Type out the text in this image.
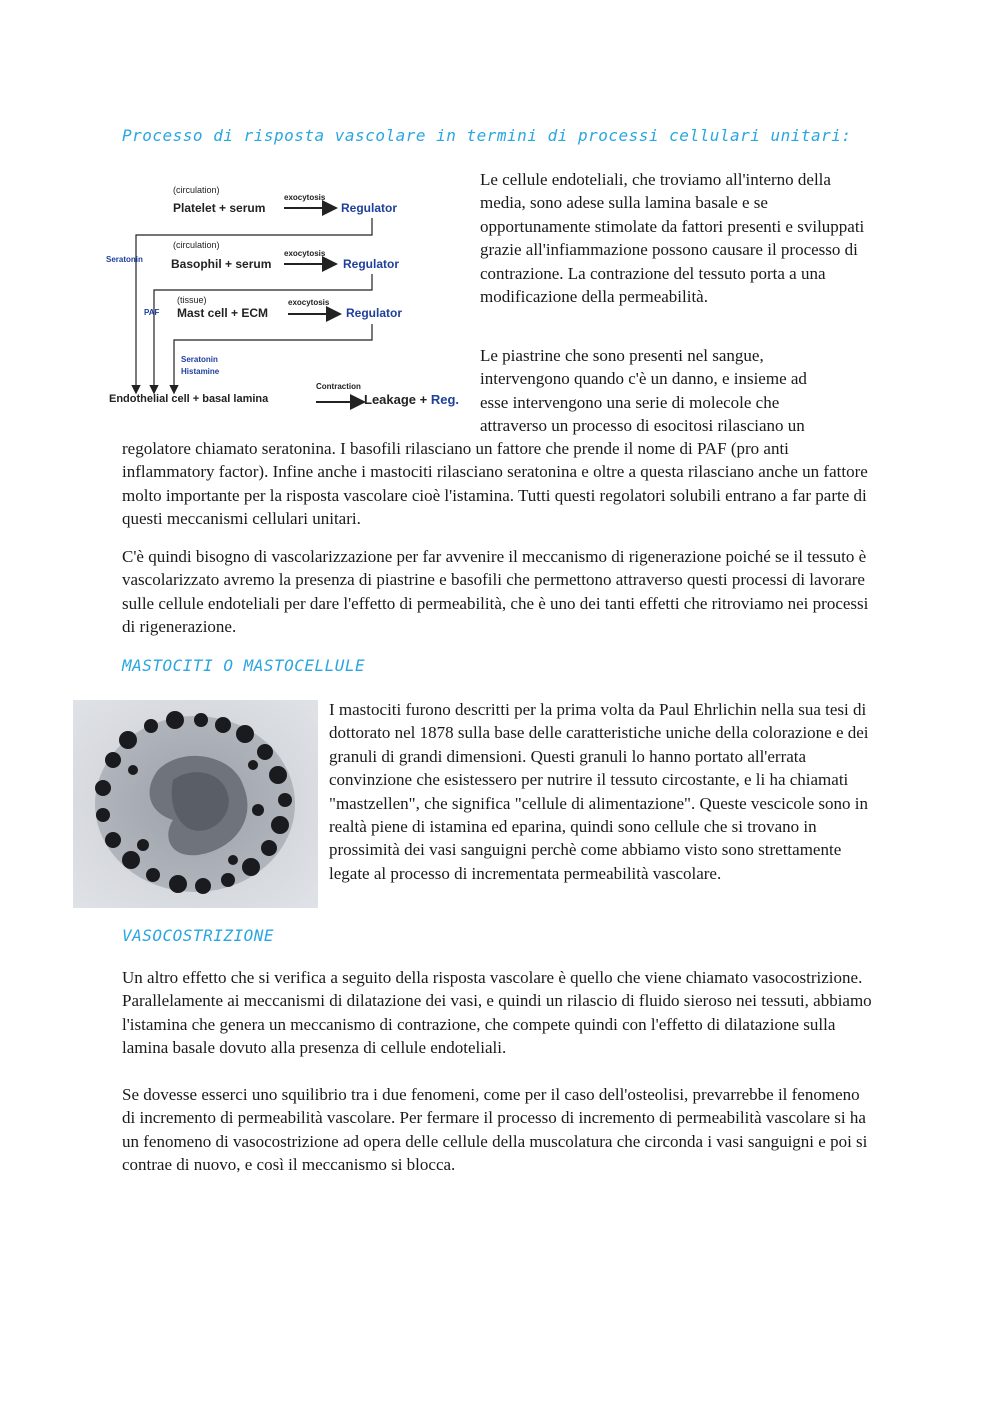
Processo di risposta vascolare in termini di processi cellulari unitari:
(circulation)
Platelet + serum
exocytosis
Regulator
(circulation)
Basophil + serum
exocytosis
Regulator
Seratonin
(tissue)
Mast cell + ECM
exocytosis
Regulator
PAF
Seratonin
Histamine
Endothelial cell + basal lamina
Contraction
Leakage + Reg.

Le cellule endoteliali, che troviamo all'interno della media, sono adese sulla lamina basale e se opportunamente stimolate da fattori presenti e sviluppati grazie all'infiammazione possono causare il processo di contrazione. La contrazione del tessuto porta a una modificazione della permeabilità.

Le piastrine che sono presenti nel sangue,
intervengono quando c'è un danno, e insieme ad
esse intervengono una serie di molecole che
attraverso un processo di esocitosi rilasciano un

regolatore chiamato seratonina. I basofili rilasciano un fattore che prende il nome di PAF (pro anti inflammatory factor). Infine anche i mastociti rilasciano seratonina e oltre a questa rilasciano anche un fattore molto importante per la risposta vascolare cioè l'istamina. Tutti questi regolatori solubili entrano a far parte di questi meccanismi cellulari unitari.

C'è quindi bisogno di vascolarizzazione per far avvenire il meccanismo di rigenerazione poiché se il tessuto è vascolarizzato avremo la presenza di piastrine e basofili che permettono attraverso questi processi di lavorare sulle cellule endoteliali per dare l'effetto di permeabilità, che è uno dei tanti effetti che ritroviamo nei processi di rigenerazione.

MASTOCITI O MASTOCELLULE

I mastociti furono descritti per la prima volta da Paul Ehrlichin nella sua tesi di dottorato nel 1878 sulla base delle caratteristiche uniche della colorazione e dei granuli di grandi dimensioni. Questi granuli lo hanno portato all'errata convinzione che esistessero per nutrire il tessuto circostante, e li ha chiamati "mastzellen", che significa "cellule di alimentazione". Queste vescicole sono in realtà piene di istamina ed eparina, quindi sono cellule che si trovano in prossimità dei vasi sanguigni perchè come abbiamo visto sono strettamente legate al processo di incrementata permeabilità vascolare.

VASOCOSTRIZIONE

Un altro effetto che si verifica a seguito della risposta vascolare è quello che viene chiamato vasocostrizione. Parallelamente ai meccanismi di dilatazione dei vasi, e quindi un rilascio di fluido sieroso nei tessuti, abbiamo l'istamina che genera un meccanismo di contrazione, che compete quindi con l'effetto di dilatazione sulla lamina basale dovuto alla presenza di cellule endoteliali.

Se dovesse esserci uno squilibrio tra i due fenomeni, come per il caso dell'osteolisi, prevarrebbe il fenomeno di incremento di permeabilità vascolare. Per fermare il processo di incremento di permeabilità vascolare si ha un fenomeno di vasocostrizione ad opera delle cellule della muscolatura che circonda i vasi sanguigni e poi si contrae di nuovo, e così il meccanismo si blocca.
